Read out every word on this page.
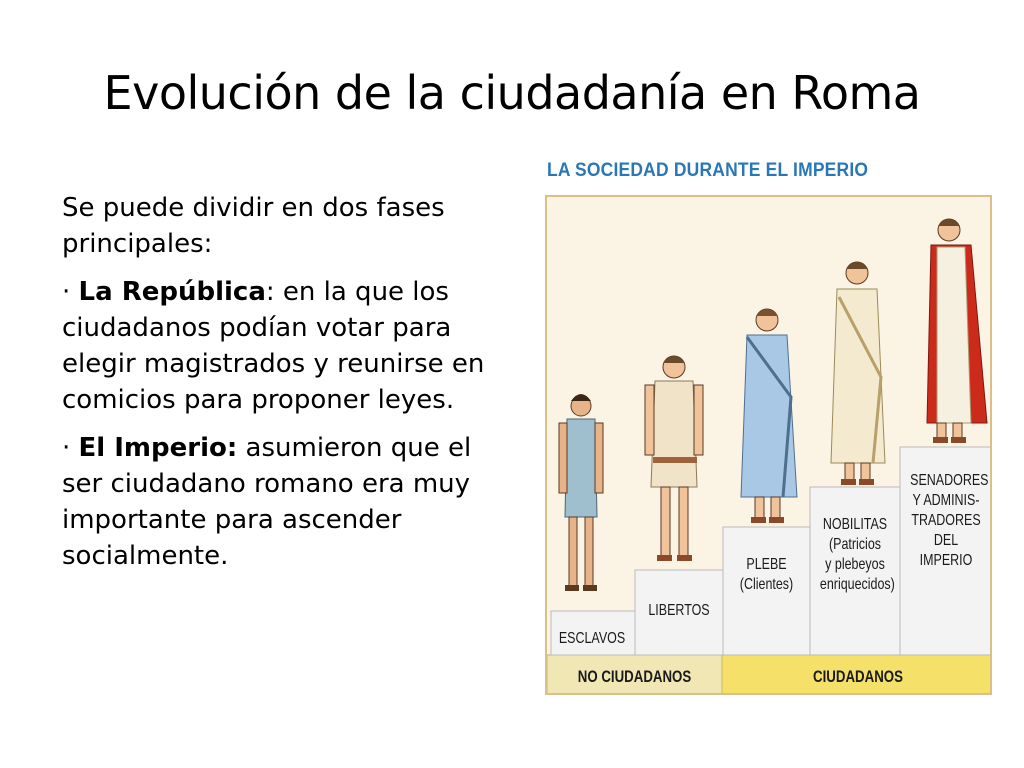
Evolución de la ciudadanía en Roma

Se puede dividir en dos fases principales:

· La República: en la que los ciudadanos podían votar para elegir magistrados y reunirse en comicios para proponer leyes.

· El Imperio: asumieron que el ser ciudadano romano era muy importante para ascender socialmente.

LA SOCIEDAD DURANTE EL IMPERIO
ESCLAVOS
LIBERTOS
PLEBE
(Clientes)
NOBILITAS
(Patricios
y plebeyos
enriquecidos)
SENADORES
Y ADMINIS-
TRADORES
DEL IMPERIO
NO CIUDADANOS	CIUDADANOS
